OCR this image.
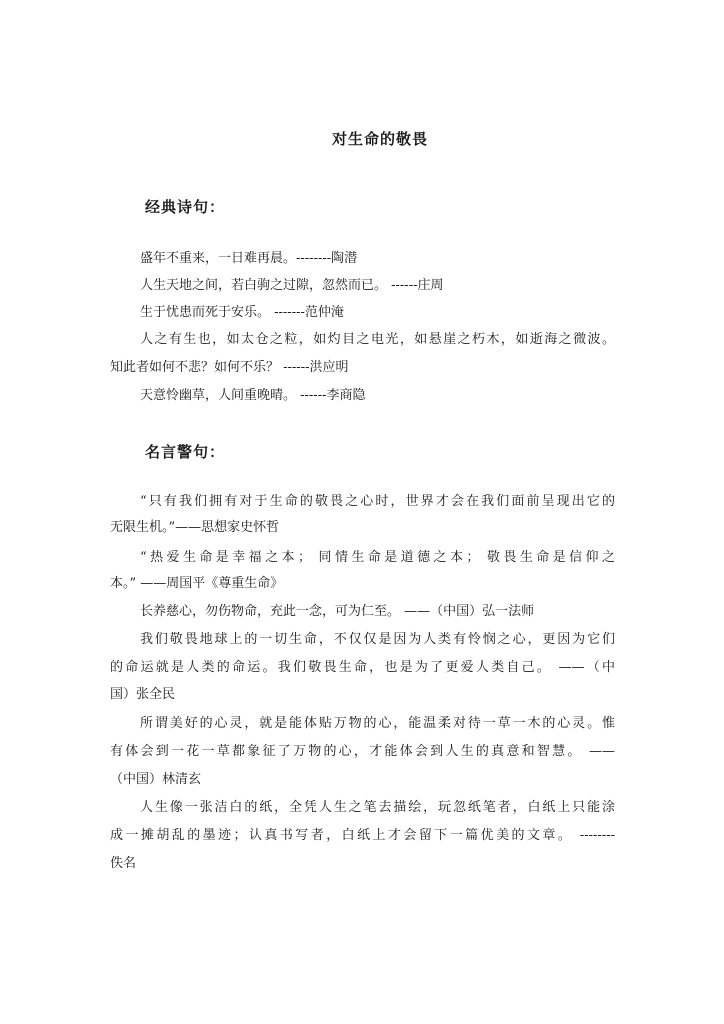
对生命的敬畏
经典诗句：
盛年不重来，一日难再晨。--------陶潜
人生天地之间，若白驹之过隙，忽然而已。 ------庄周
生于忧患而死于安乐。 -------范仲淹
人之有生也，如太仓之粒，如灼目之电光，如悬崖之朽木，如逝海之微波。
知此者如何不悲？如何不乐？ ------洪应明
天意怜幽草，人间重晚晴。 ------李商隐
名言警句：
“只有我们拥有对于生命的敬畏之心时，世界才会在我们面前呈现出它的
无限生机。”——思想家史怀哲
“热爱生命是幸福之本； 同情生命是道德之本； 敬畏生命是信仰之
本。” ——周国平《尊重生命》
长养慈心，勿伤物命，充此一念，可为仁至。 ——（中国）弘一法师
我们敬畏地球上的一切生命，不仅仅是因为人类有怜悯之心，更因为它们
的命运就是人类的命运。我们敬畏生命，也是为了更爱人类自己。 ——（中
国）张全民
所谓美好的心灵，就是能体贴万物的心，能温柔对待一草一木的心灵。惟
有体会到一花一草都象征了万物的心，才能体会到人生的真意和智慧。 ——
（中国）林清玄
人生像一张洁白的纸，全凭人生之笔去描绘，玩忽纸笔者，白纸上只能涂
成一摊胡乱的墨迹；认真书写者，白纸上才会留下一篇优美的文章。 --------
佚名
